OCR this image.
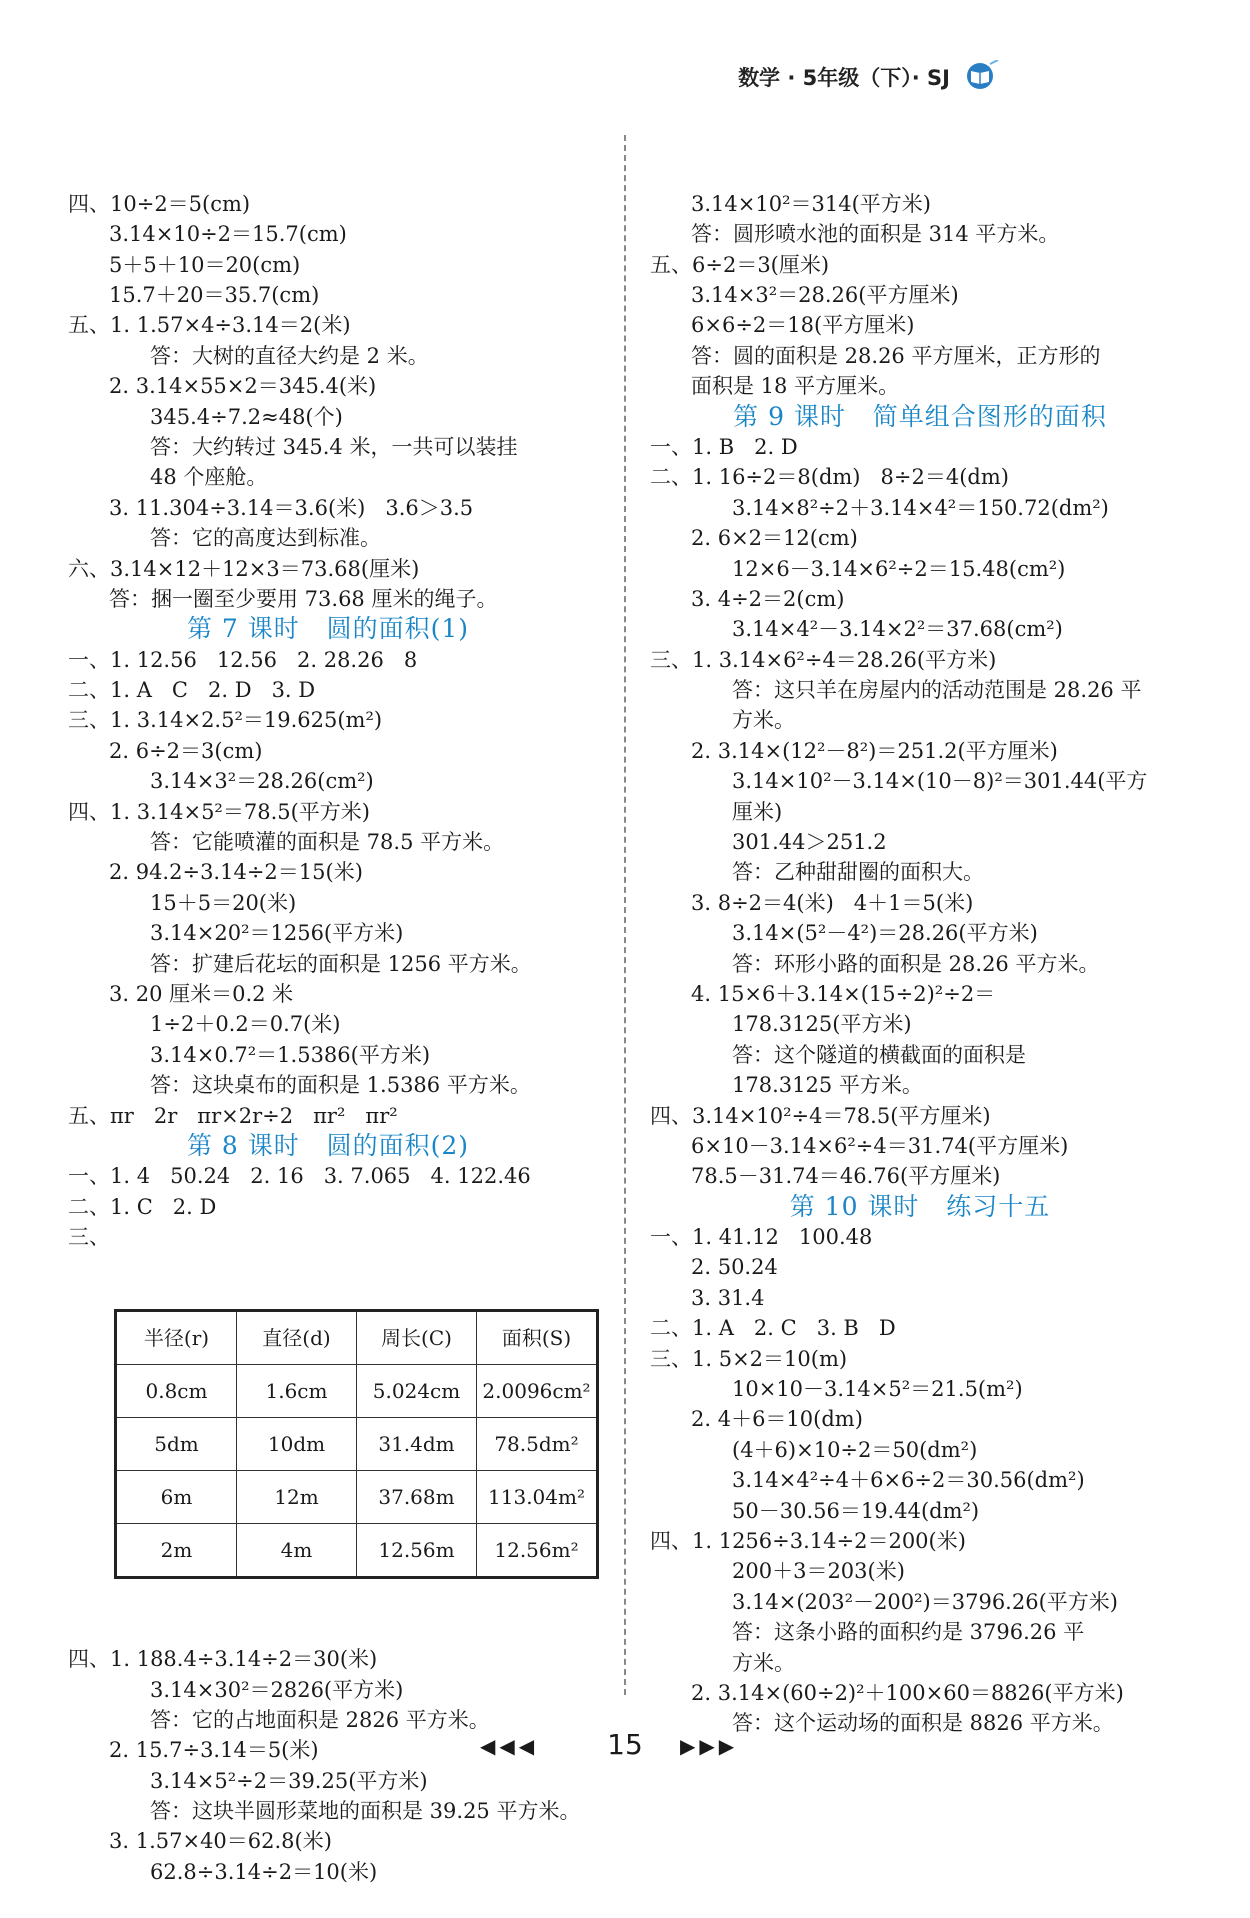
数学 · 5年级（下）· SJ

四、10÷2＝5(cm)
3.14×10÷2＝15.7(cm)
5＋5＋10＝20(cm)
15.7＋20＝35.7(cm)
五、1. 1.57×4÷3.14＝2(米)
答：大树的直径大约是 2 米。
2. 3.14×55×2＝345.4(米)
345.4÷7.2≈48(个)
答：大约转过 345.4 米，一共可以装挂
48 个座舱。
3. 11.304÷3.14＝3.6(米)   3.6＞3.5
答：它的高度达到标准。
六、3.14×12＋12×3＝73.68(厘米)
答：捆一圈至少要用 73.68 厘米的绳子。
第 7 课时   圆的面积(1)
一、1. 12.56   12.56   2. 28.26   8
二、1. A   C   2. D   3. D
三、1. 3.14×2.5²＝19.625(m²)
2. 6÷2＝3(cm)
3.14×3²＝28.26(cm²)
四、1. 3.14×5²＝78.5(平方米)
答：它能喷灌的面积是 78.5 平方米。
2. 94.2÷3.14÷2＝15(米)
15＋5＝20(米)
3.14×20²＝1256(平方米)
答：扩建后花坛的面积是 1256 平方米。
3. 20 厘米＝0.2 米
1÷2＋0.2＝0.7(米)
3.14×0.7²＝1.5386(平方米)
答：这块桌布的面积是 1.5386 平方米。
五、πr   2r   πr×2r÷2   πr²   πr²
第 8 课时   圆的面积(2)
一、1. 4   50.24   2. 16   3. 7.065   4. 122.46
二、1. C   2. D
三、

半径(r)	直径(d)	周长(C)	面积(S)
0.8cm	1.6cm	5.024cm	2.0096cm²
5dm	10dm	31.4dm	78.5dm²
6m	12m	37.68m	113.04m²
2m	4m	12.56m	12.56m²

四、1. 188.4÷3.14÷2＝30(米)
3.14×30²＝2826(平方米)
答：它的占地面积是 2826 平方米。
2. 15.7÷3.14＝5(米)
3.14×5²÷2＝39.25(平方米)
答：这块半圆形菜地的面积是 39.25 平方米。
3. 1.57×40＝62.8(米)
62.8÷3.14÷2＝10(米)

3.14×10²＝314(平方米)
答：圆形喷水池的面积是 314 平方米。
五、6÷2＝3(厘米)
3.14×3²＝28.26(平方厘米)
6×6÷2＝18(平方厘米)
答：圆的面积是 28.26 平方厘米，正方形的
面积是 18 平方厘米。
第 9 课时   简单组合图形的面积
一、1. B   2. D
二、1. 16÷2＝8(dm)   8÷2＝4(dm)
3.14×8²÷2＋3.14×4²＝150.72(dm²)
2. 6×2＝12(cm)
12×6－3.14×6²÷2＝15.48(cm²)
3. 4÷2＝2(cm)
3.14×4²－3.14×2²＝37.68(cm²)
三、1. 3.14×6²÷4＝28.26(平方米)
答：这只羊在房屋内的活动范围是 28.26 平
方米。
2. 3.14×(12²－8²)＝251.2(平方厘米)
3.14×10²－3.14×(10－8)²＝301.44(平方
厘米)
301.44＞251.2
答：乙种甜甜圈的面积大。
3. 8÷2＝4(米)   4＋1＝5(米)
3.14×(5²－4²)＝28.26(平方米)
答：环形小路的面积是 28.26 平方米。
4. 15×6＋3.14×(15÷2)²÷2＝
178.3125(平方米)
答：这个隧道的横截面的面积是
178.3125 平方米。
四、3.14×10²÷4＝78.5(平方厘米)
6×10－3.14×6²÷4＝31.74(平方厘米)
78.5－31.74＝46.76(平方厘米)
第 10 课时   练习十五
一、1. 41.12   100.48
2. 50.24
3. 31.4
二、1. A   2. C   3. B   D
三、1. 5×2＝10(m)
10×10－3.14×5²＝21.5(m²)
2. 4＋6＝10(dm)
(4＋6)×10÷2＝50(dm²)
3.14×4²÷4＋6×6÷2＝30.56(dm²)
50－30.56＝19.44(dm²)
四、1. 1256÷3.14÷2＝200(米)
200＋3＝203(米)
3.14×(203²－200²)＝3796.26(平方米)
答：这条小路的面积约是 3796.26 平
方米。
2. 3.14×(60÷2)²＋100×60＝8826(平方米)
答：这个运动场的面积是 8826 平方米。

◀◀◀	15	▶▶▶
